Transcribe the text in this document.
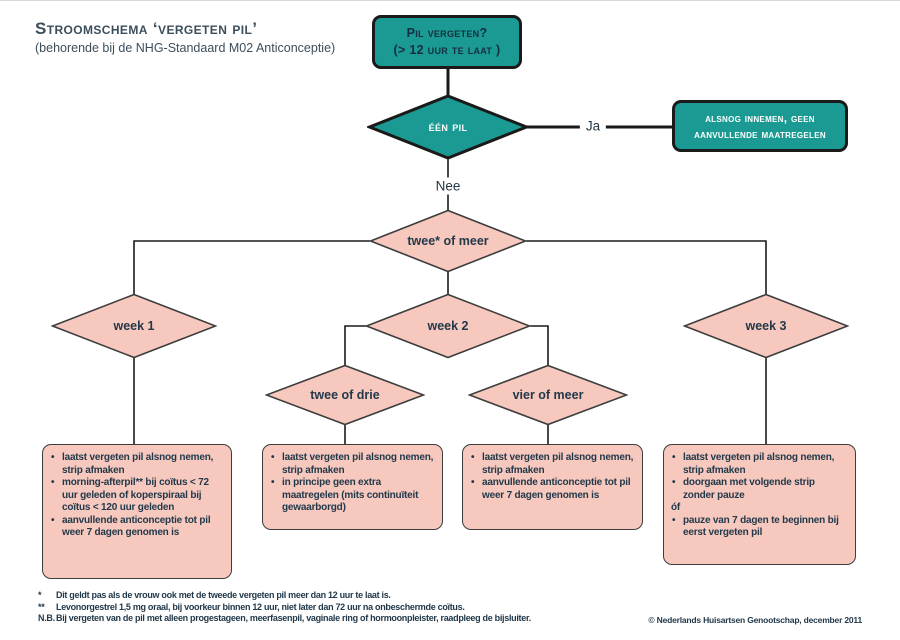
Stroomschema ‘vergeten pil’
(behorende bij de NHG-Standaard M02 Anticonceptie)
Pil vergeten?
(> 12 uur te laat )
één pil	Ja
alsnog innemen, geen
aanvullende maatregelen
Nee
twee* of meer
week 1	week 2	week 3
twee of drie	vier of meer
• laatst vergeten pil alsnog nemen, strip afmaken
• morning-afterpil** bij coïtus < 72 uur geleden of koperspiraal bij coïtus < 120 uur geleden
• aanvullende anticonceptie tot pil weer 7 dagen genomen is
• laatst vergeten pil alsnog nemen, strip afmaken
• in principe geen extra maatregelen (mits continuïteit gewaarborgd)
• laatst vergeten pil alsnog nemen, strip afmaken
• aanvullende anticonceptie tot pil weer 7 dagen genomen is
• laatst vergeten pil alsnog nemen, strip afmaken
• doorgaan met volgende strip zonder pauze
óf
• pauze van 7 dagen te beginnen bij eerst vergeten pil
*	Dit geldt pas als de vrouw ook met de tweede vergeten pil meer dan 12 uur te laat is.
**	Levonorgestrel 1,5 mg oraal, bij voorkeur binnen 12 uur, niet later dan 72 uur na onbeschermde coïtus.
N.B. Bij vergeten van de pil met alleen progestageen, meerfasenpil, vaginale ring of hormoonpleister, raadpleeg de bijsluiter.	© Nederlands Huisartsen Genootschap, december 2011
